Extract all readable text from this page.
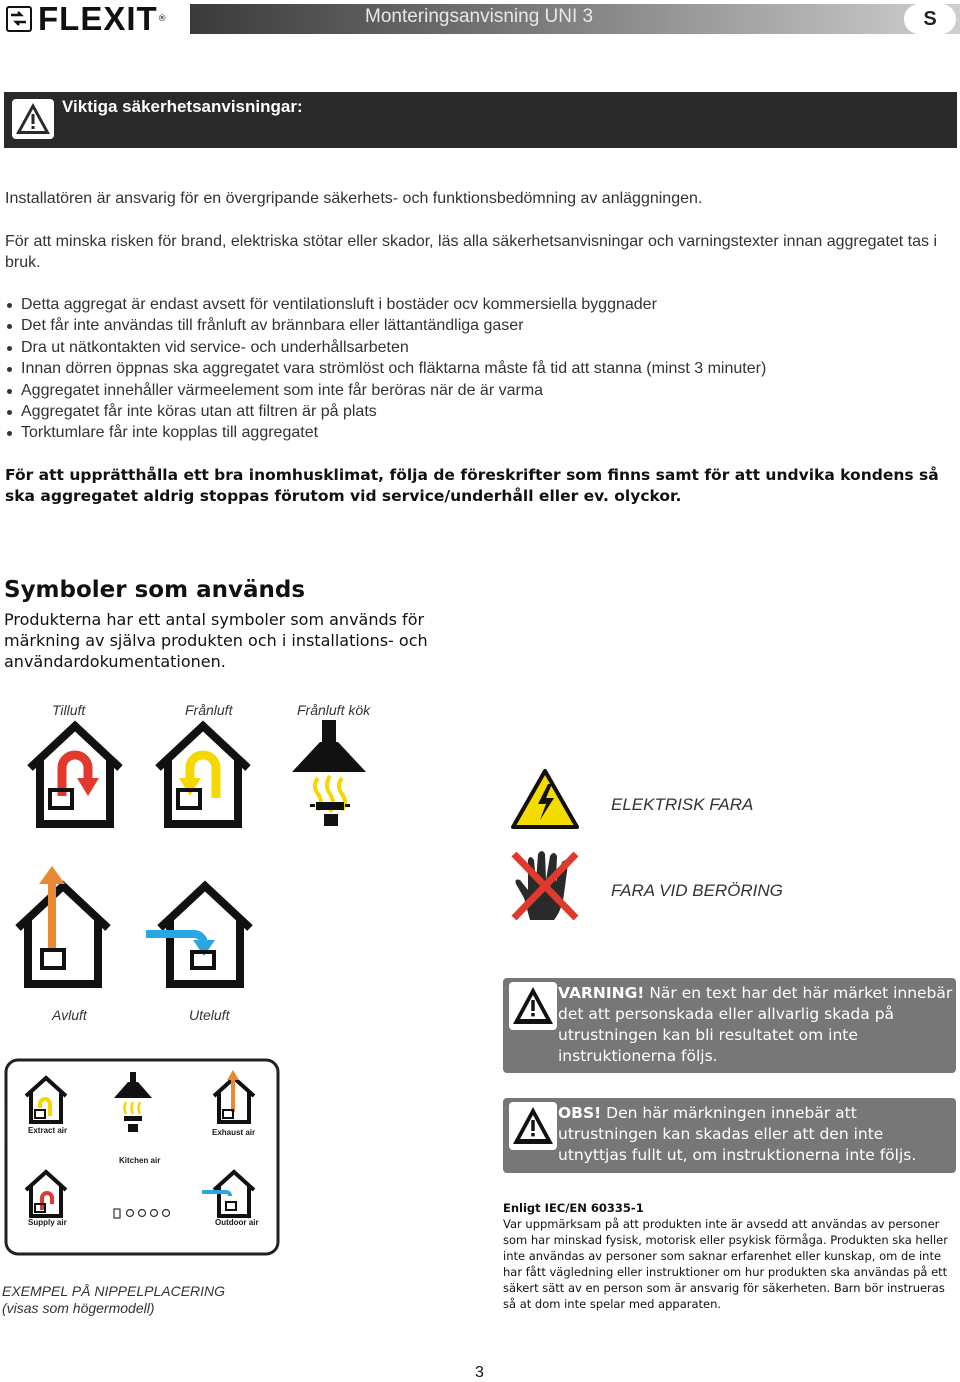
FLEXIT ®	Monteringsanvisning UNI 3	S
Viktiga säkerhetsanvisningar:
Installatören är ansvarig för en övergripande säkerhets- och funktionsbedömning av anläggningen.
För att minska risken för brand, elektriska stötar eller skador, läs alla säkerhetsanvisningar och varningstexter innan aggregatet tas i bruk.
Detta aggregat är endast avsett för ventilationsluft i bostäder ocv kommersiella byggnader
Det får inte användas till frånluft av brännbara eller lättantändliga gaser
Dra ut nätkontakten vid service- och underhållsarbeten
Innan dörren öppnas ska aggregatet vara strömlöst och fläktarna måste få tid att stanna (minst 3 minuter)
Aggregatet innehåller värmeelement som inte får beröras när de är varma
Aggregatet får inte köras utan att filtren är på plats
Torktumlare får inte kopplas till aggregatet
För att upprätthålla ett bra inomhusklimat, följa de föreskrifter som finns samt för att undvika kondens så ska aggregatet aldrig stoppas förutom vid service/underhåll eller ev. olyckor.
Symboler som används
Produkterna har ett antal symboler som används för märkning av själva produkten och i installations- och användardokumentationen.
Tilluft	Frånluft	Frånluft kök
ELEKTRISK FARA
FARA VID BERÖRING
Avluft	Uteluft
VARNING! När en text har det här märket innebär det att personskada eller allvarlig skada på utrustningen kan bli resultatet om inte instruktionerna följs.
OBS! Den här märkningen innebär att utrustningen kan skadas eller att den inte utnyttjas fullt ut, om instruktionerna inte följs.
Extract air	Exhaust air
Kitchen air
Supply air	Outdoor air
EXEMPEL PÅ NIPPELPLACERING
(visas som högermodell)
Enligt IEC/EN 60335-1
Var uppmärksam på att produkten inte är avsedd att användas av personer som har minskad fysisk, motorisk eller psykisk förmåga. Produkten ska heller inte användas av personer som saknar erfarenhet eller kunskap, om de inte har fått vägledning eller instruktioner om hur produkten ska användas på ett säkert sätt av en person som är ansvarig för säkerheten. Barn bör instrueras så at dom inte spelar med apparaten.
3
